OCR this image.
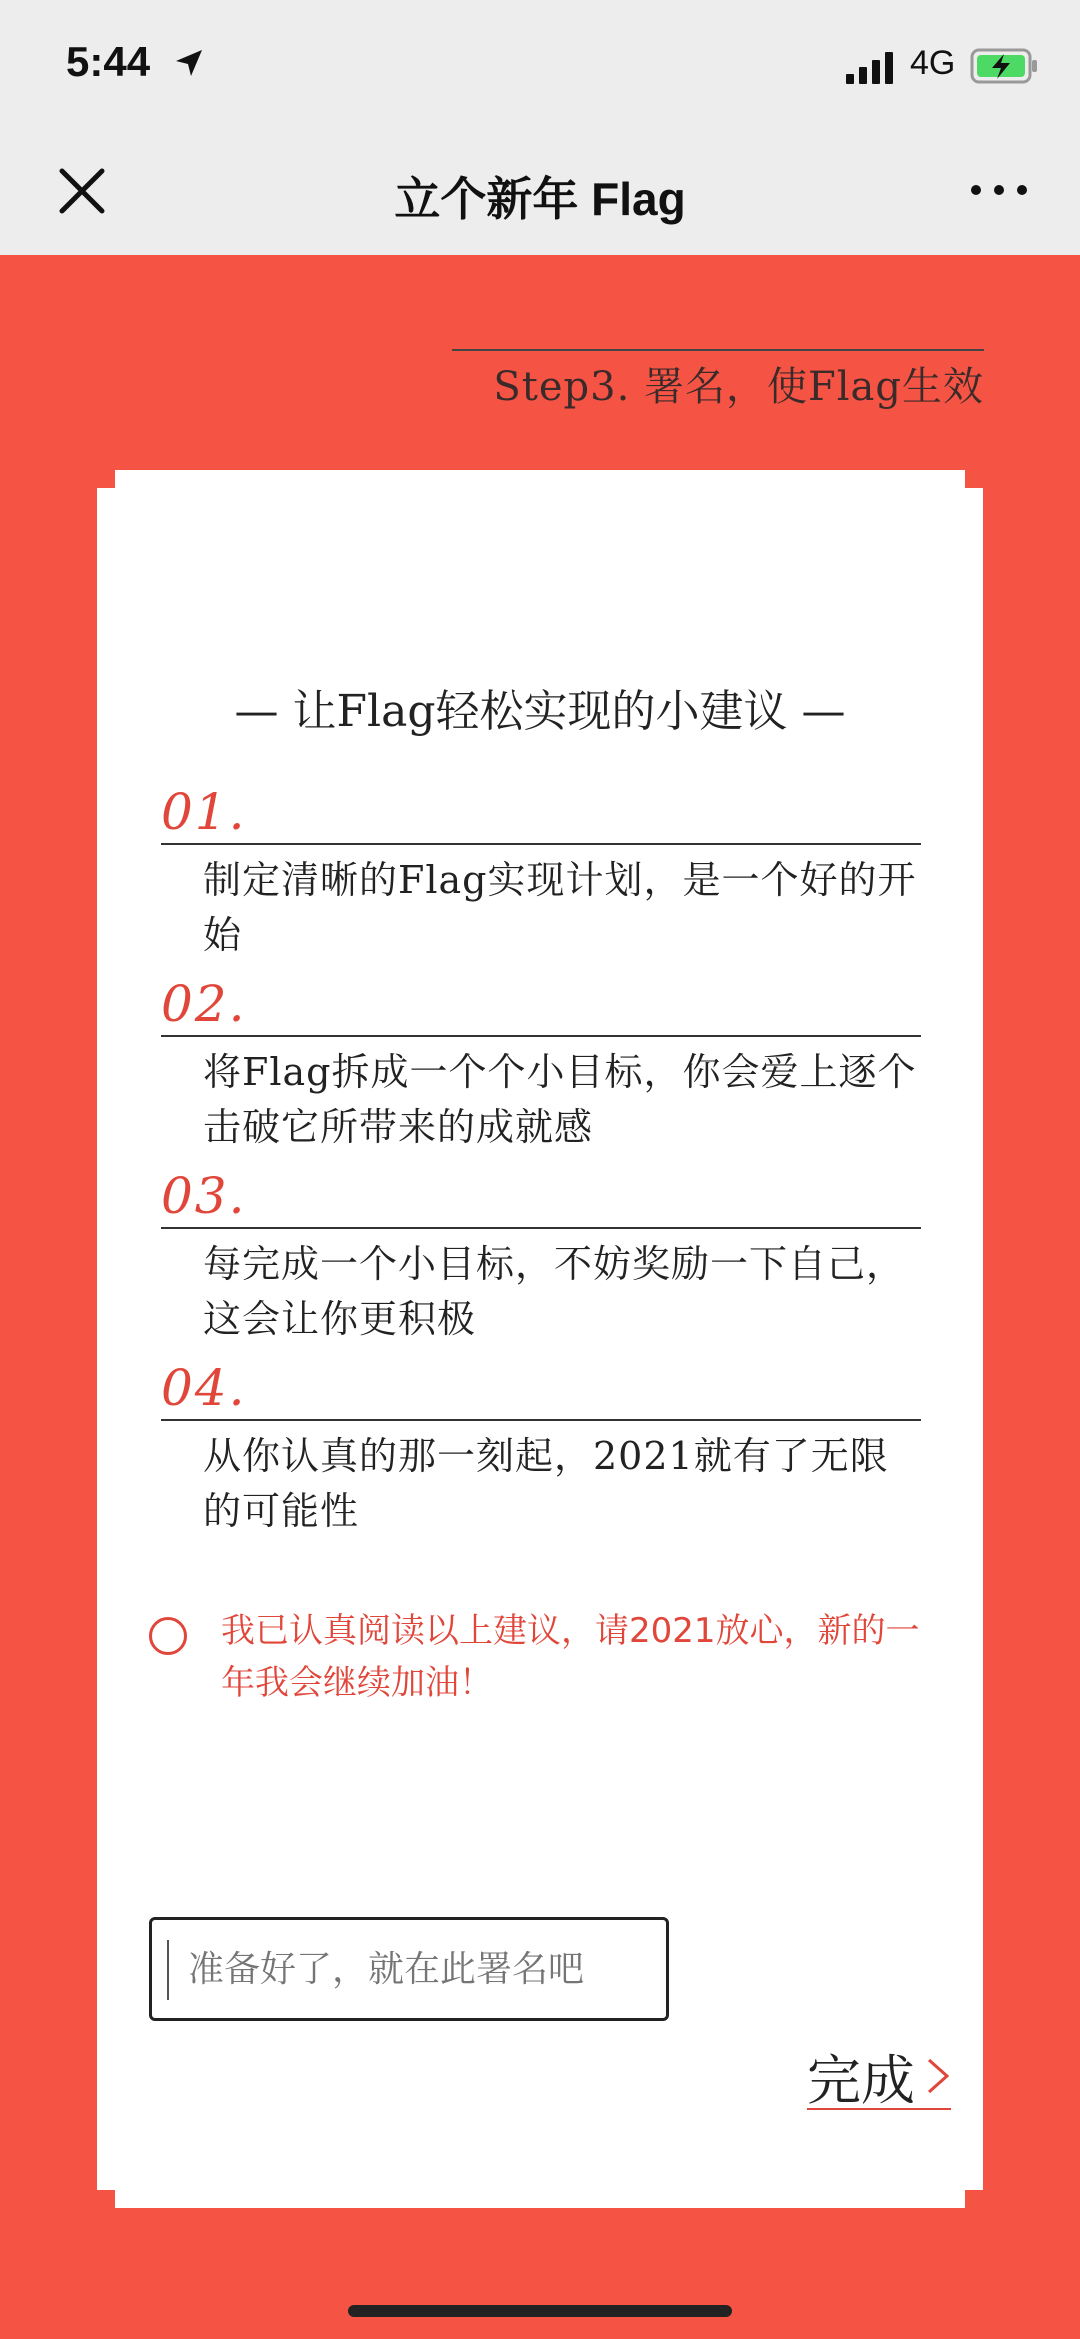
5:44	4G
立个新年 Flag
Step3. 署名，使Flag生效
— 让Flag轻松实现的小建议 —
01.
制定清晰的Flag实现计划，是一个好的开始
02.
将Flag拆成一个个小目标，你会爱上逐个击破它所带来的成就感
03.
每完成一个小目标，不妨奖励一下自己，这会让你更积极
04.
从你认真的那一刻起，2021就有了无限的可能性
我已认真阅读以上建议，请2021放心，新的一年我会继续加油！
准备好了，就在此署名吧
完成
